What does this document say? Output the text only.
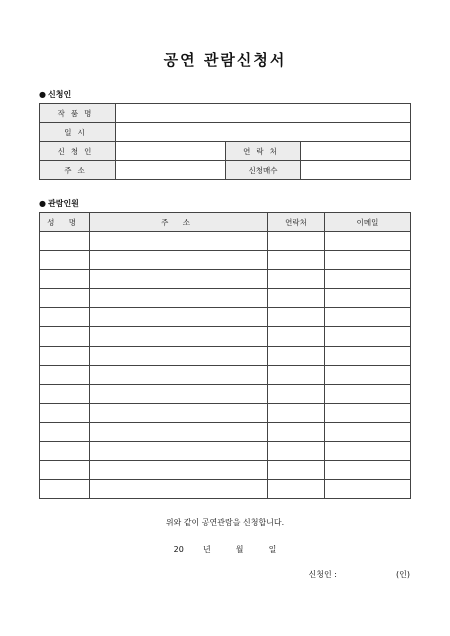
공연 관람신청서
● 신청인
작품명			
일시			
신청인		연락처	
주소		신청매수	
● 관람인원
성 명	주 소	연락처	이메일

위와 같이 공연관람을 신청합니다.
20 년	월	일
신청인 :	(인)
